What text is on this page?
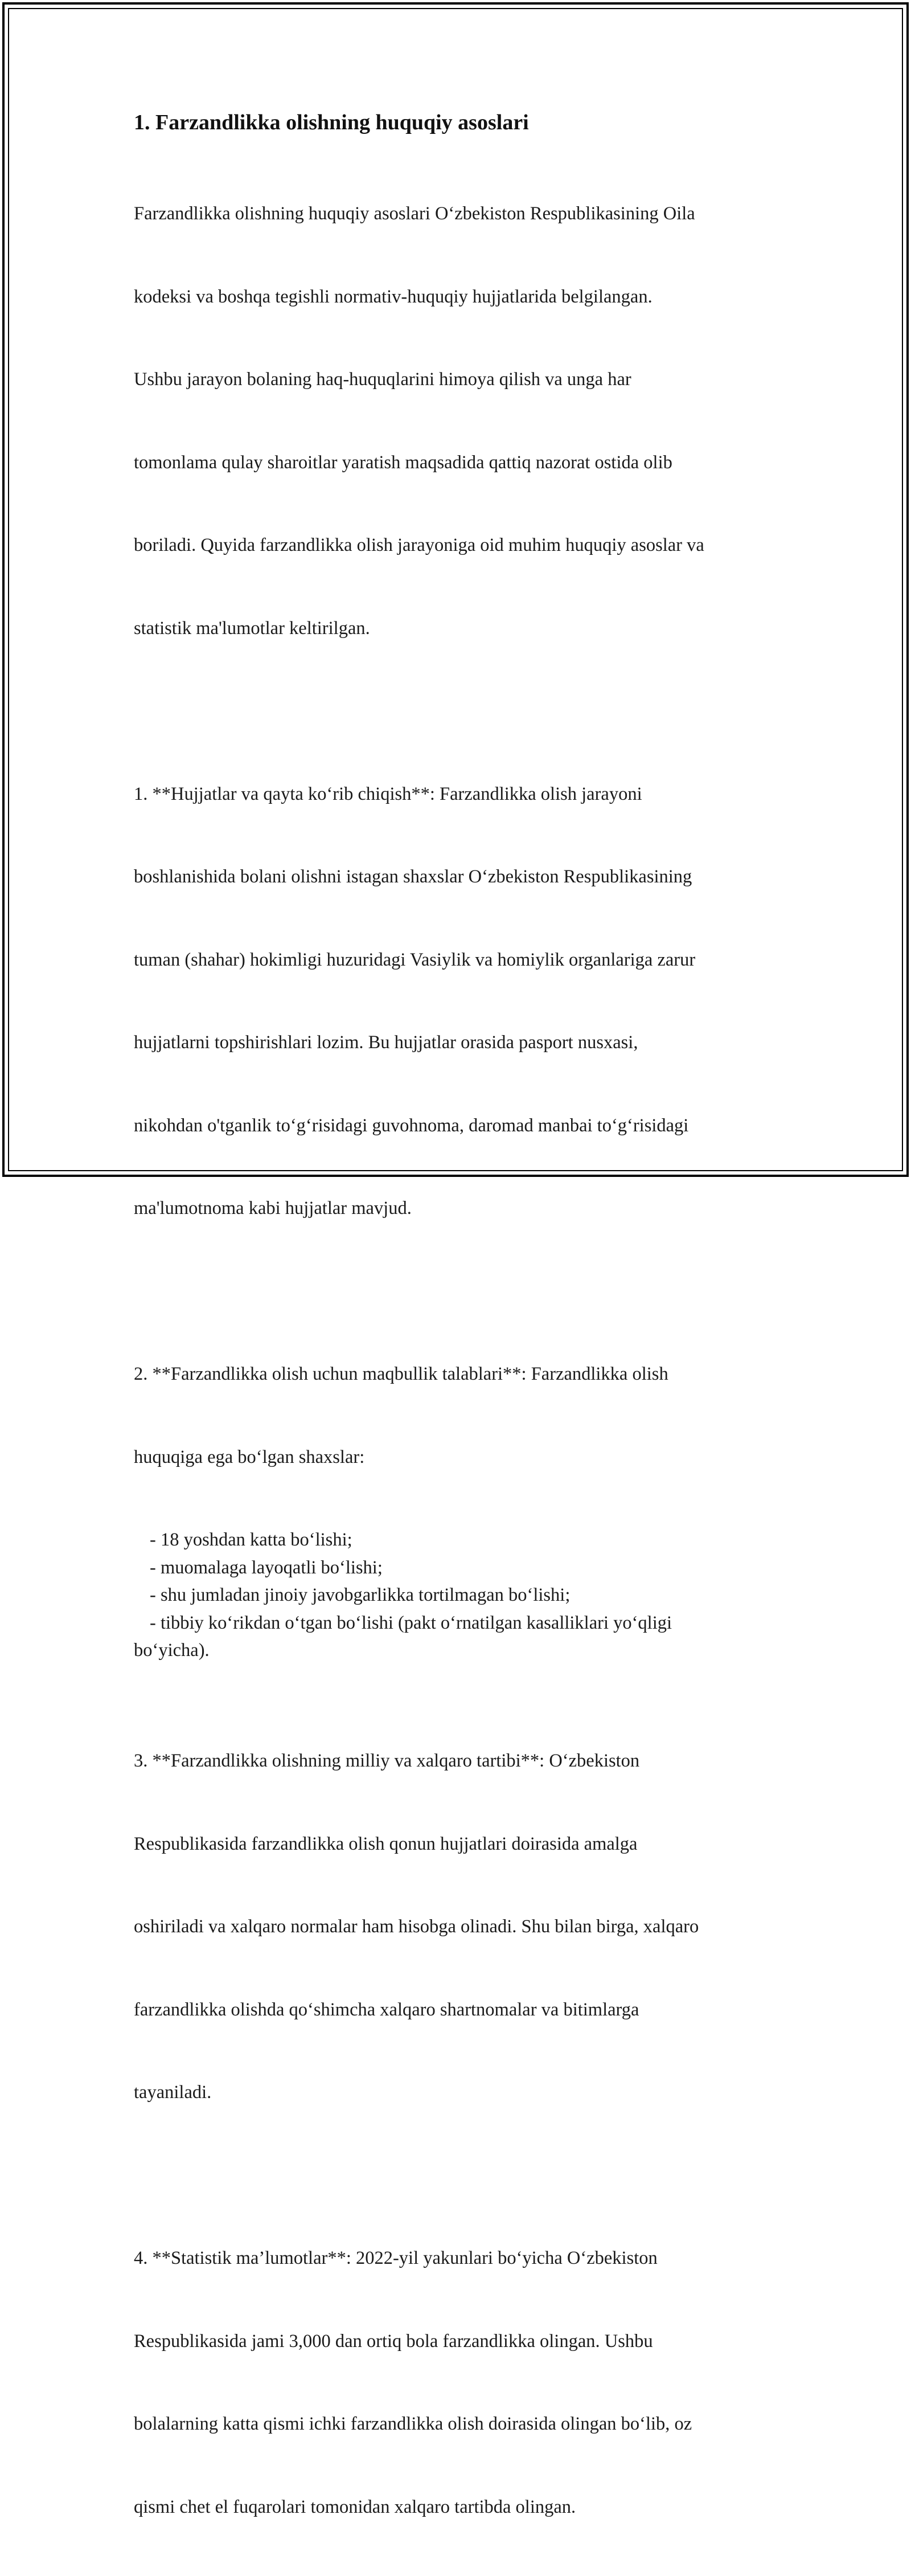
1. Farzandlikka olishning huquqiy asoslari

Farzandlikka olishning huquqiy asoslari O‘zbekiston Respublikasining Oila

kodeksi va boshqa tegishli normativ-huquqiy hujjatlarida belgilangan.

Ushbu jarayon bolaning haq-huquqlarini himoya qilish va unga har

tomonlama qulay sharoitlar yaratish maqsadida qattiq nazorat ostida olib

boriladi. Quyida farzandlikka olish jarayoniga oid muhim huquqiy asoslar va

statistik ma'lumotlar keltirilgan.

1. **Hujjatlar va qayta ko‘rib chiqish**: Farzandlikka olish jarayoni

boshlanishida bolani olishni istagan shaxslar O‘zbekiston Respublikasining

tuman (shahar) hokimligi huzuridagi Vasiylik va homiylik organlariga zarur

hujjatlarni topshirishlari lozim. Bu hujjatlar orasida pasport nusxasi,

nikohdan o'tganlik to‘g‘risidagi guvohnoma, daromad manbai to‘g‘risidagi

ma'lumotnoma kabi hujjatlar mavjud.

2. **Farzandlikka olish uchun maqbullik talablari**: Farzandlikka olish

huquqiga ega bo‘lgan shaxslar:

- 18 yoshdan katta bo‘lishi;

- muomalaga layoqatli bo‘lishi;

- shu jumladan jinoiy javobgarlikka tortilmagan bo‘lishi;

- tibbiy ko‘rikdan o‘tgan bo‘lishi (pakt o‘rnatilgan kasalliklari yo‘qligi

bo‘yicha).

3. **Farzandlikka olishning milliy va xalqaro tartibi**: O‘zbekiston

Respublikasida farzandlikka olish qonun hujjatlari doirasida amalga

oshiriladi va xalqaro normalar ham hisobga olinadi. Shu bilan birga, xalqaro

farzandlikka olishda qo‘shimcha xalqaro shartnomalar va bitimlarga

tayaniladi.

4. **Statistik ma’lumotlar**: 2022-yil yakunlari bo‘yicha O‘zbekiston

Respublikasida jami 3,000 dan ortiq bola farzandlikka olingan. Ushbu

bolalarning katta qismi ichki farzandlikka olish doirasida olingan bo‘lib, oz

qismi chet el fuqarolari tomonidan xalqaro tartibda olingan.
